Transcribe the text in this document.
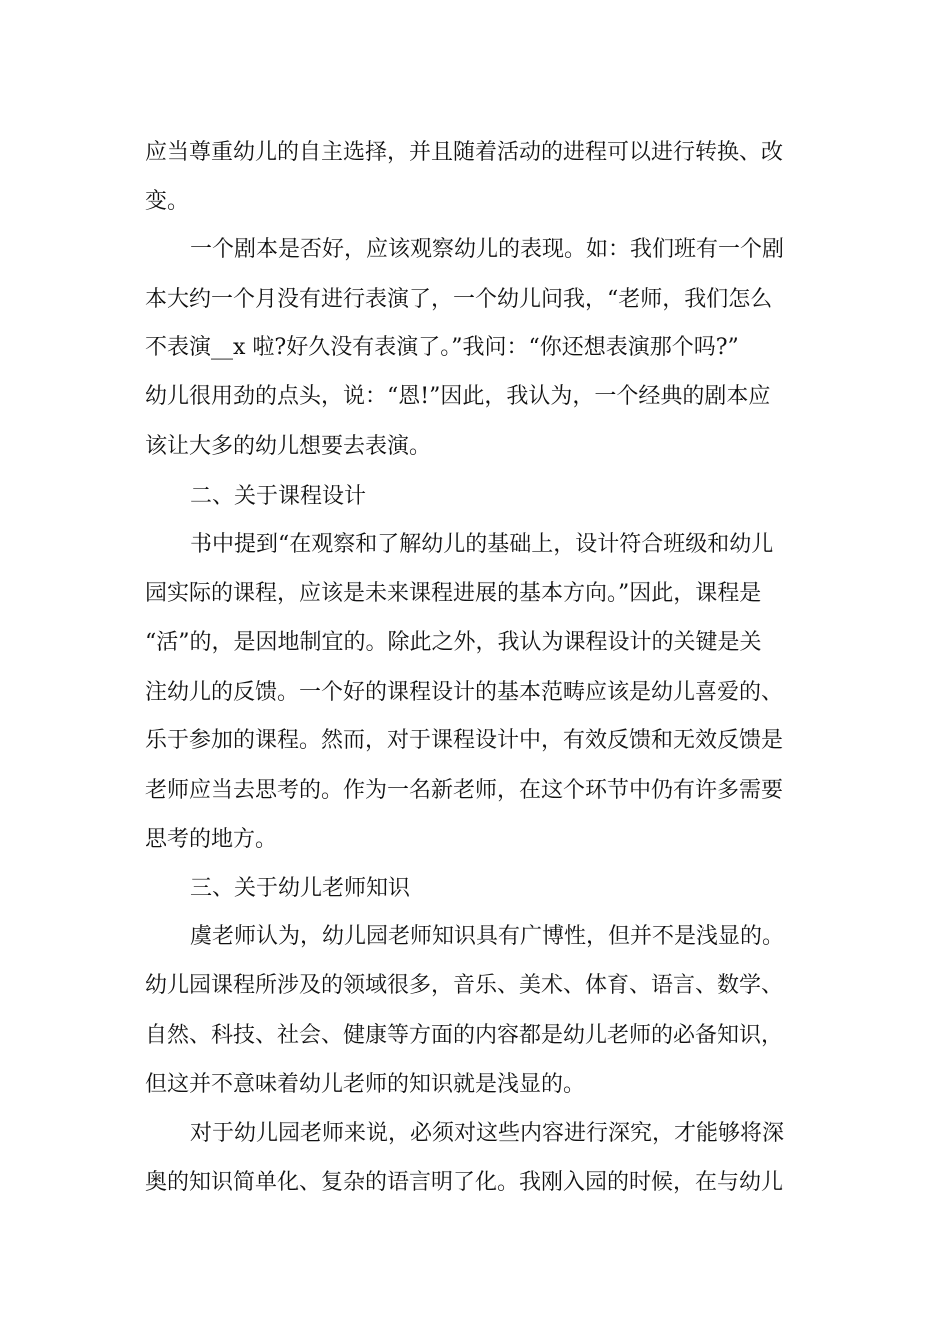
应当尊重幼儿的自主选择，并且随着活动的进程可以进行转换、改
变。
一个剧本是否好，应该观察幼儿的表现。如：我们班有一个剧
本大约一个月没有进行表演了，一个幼儿问我，“老师，我们怎么
不表演__x 啦?好久没有表演了。”我问：“你还想表演那个吗?”
幼儿很用劲的点头，说：“恩!”因此，我认为，一个经典的剧本应
该让大多的幼儿想要去表演。
二、关于课程设计
书中提到“在观察和了解幼儿的基础上，设计符合班级和幼儿
园实际的课程，应该是未来课程进展的基本方向。”因此，课程是
“活”的，是因地制宜的。除此之外，我认为课程设计的关键是关
注幼儿的反馈。一个好的课程设计的基本范畴应该是幼儿喜爱的、
乐于参加的课程。然而，对于课程设计中，有效反馈和无效反馈是
老师应当去思考的。作为一名新老师，在这个环节中仍有许多需要
思考的地方。
三、关于幼儿老师知识
虞老师认为，幼儿园老师知识具有广博性，但并不是浅显的。
幼儿园课程所涉及的领域很多，音乐、美术、体育、语言、数学、
自然、科技、社会、健康等方面的内容都是幼儿老师的必备知识，
但这并不意味着幼儿老师的知识就是浅显的。
对于幼儿园老师来说，必须对这些内容进行深究，才能够将深
奥的知识简单化、复杂的语言明了化。我刚入园的时候，在与幼儿
